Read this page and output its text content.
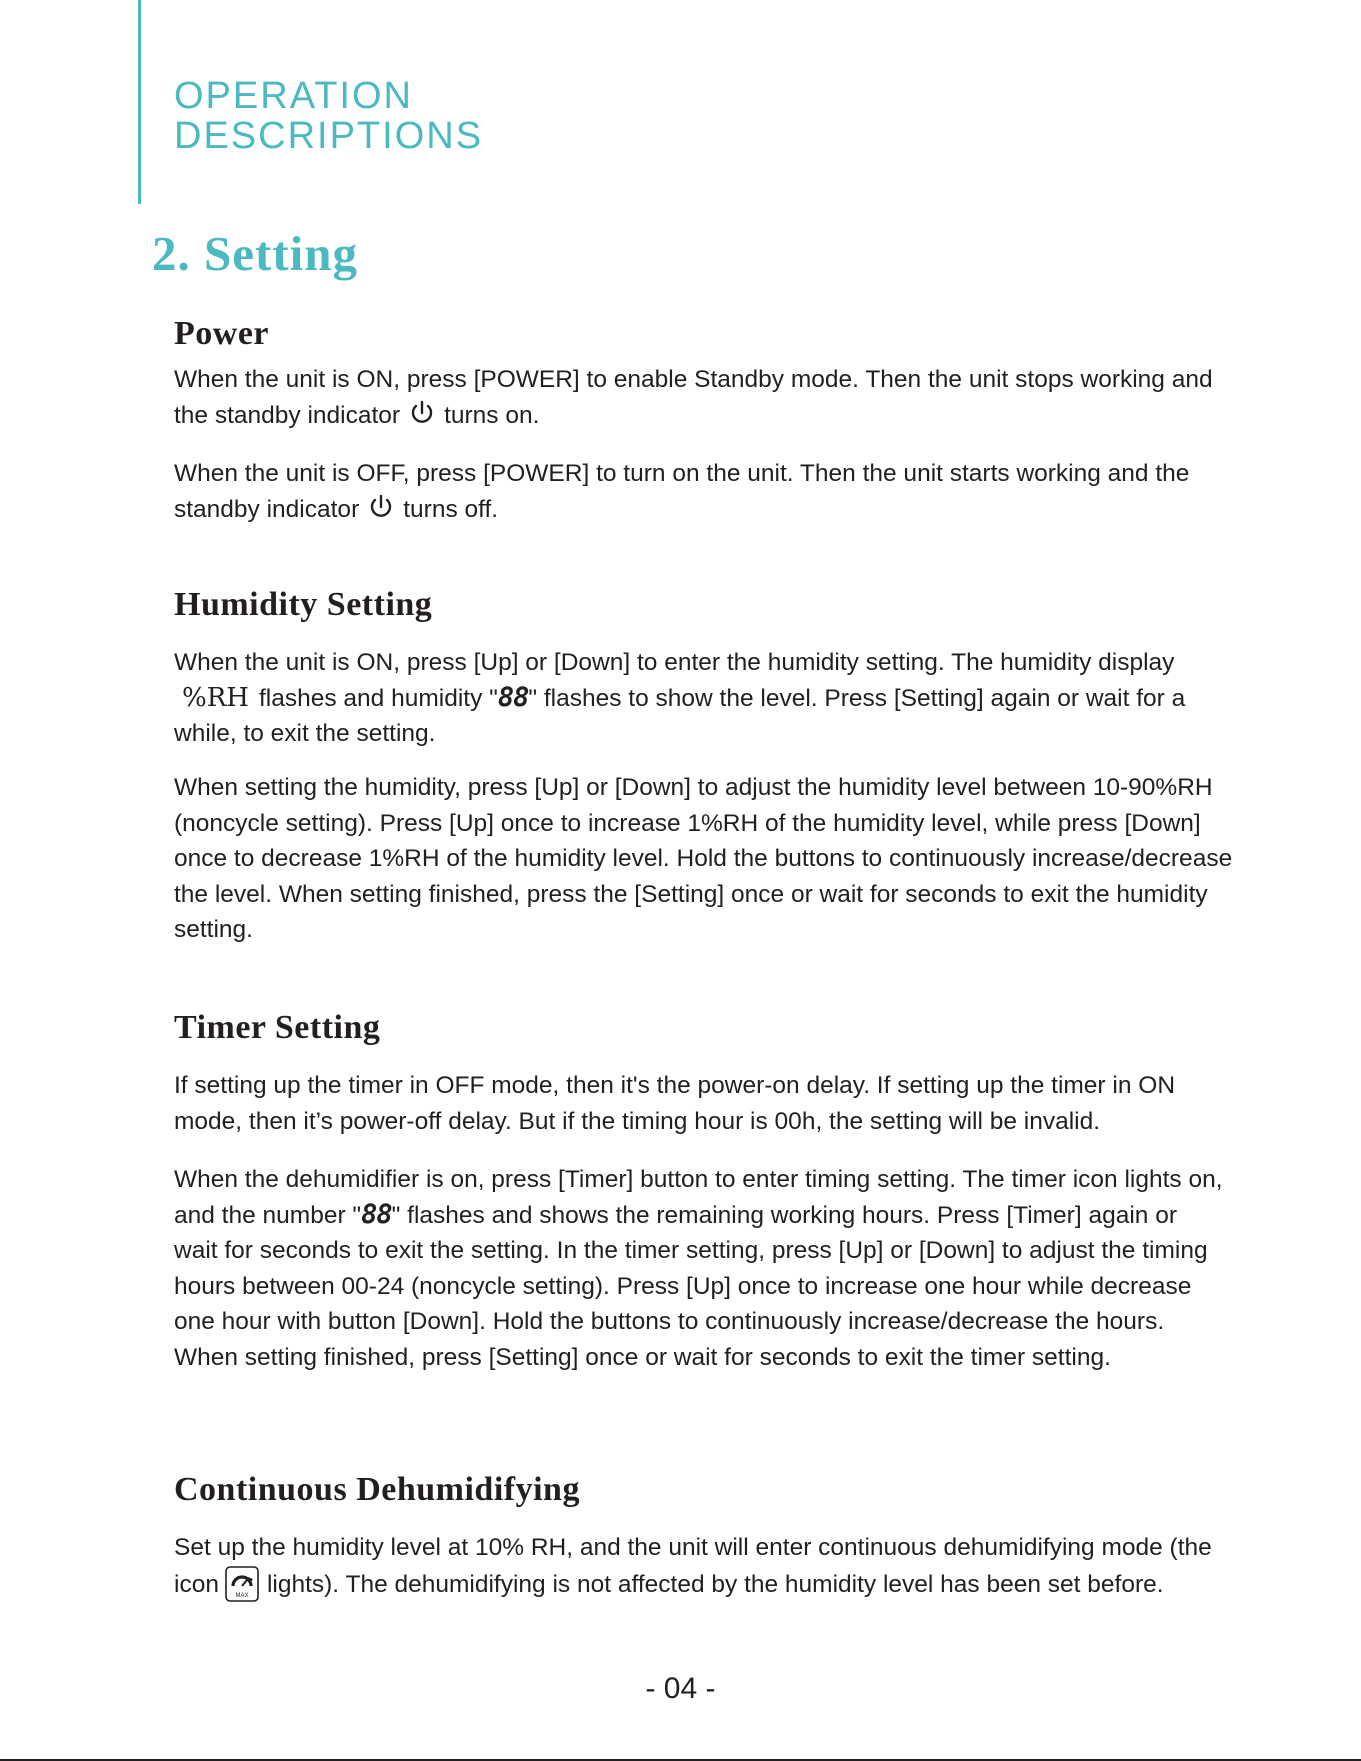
OPERATION
DESCRIPTIONS
2. Setting
Power

When the unit is ON, press [POWER] to enable Standby mode. Then the unit stops working and the standby indicator turns on.

When the unit is OFF, press [POWER] to turn on the unit. Then the unit starts working and the standby indicator turns off.

Humidity Setting

When the unit is ON, press [Up] or [Down] to enter the humidity setting. The humidity display%RH flashes and humidity "88" flashes to show the level. Press [Setting] again or wait for a while, to exit the setting.

When setting the humidity, press [Up] or [Down] to adjust the humidity level between 10-90%RH (noncycle setting). Press [Up] once to increase 1%RH of the humidity level, while press [Down] once to decrease 1%RH of the humidity level. Hold the buttons to continuously increase/decrease the level. When setting finished, press the [Setting] once or wait for seconds to exit the humidity setting.

Timer Setting

If setting up the timer in OFF mode, then it's the power-on delay. If setting up the timer in ON mode, then it’s power-off delay. But if the timing hour is 00h, the setting will be invalid.

When the dehumidifier is on, press [Timer] button to enter timing setting. The timer icon lights on, and the number "88" flashes and shows the remaining working hours. Press [Timer] again or wait for seconds to exit the setting. In the timer setting, press [Up] or [Down] to adjust the timing hours between 00-24 (noncycle setting). Press [Up] once to increase one hour while decrease one hour with button [Down]. Hold the buttons to continuously increase/decrease the hours. When setting finished, press [Setting] once or wait for seconds to exit the timer setting.

Continuous Dehumidifying

Set up the humidity level at 10% RH, and the unit will enter continuous dehumidifying mode (the icon	MAX lights). The dehumidifying is not affected by the humidity level has been set before.

- 04 -
